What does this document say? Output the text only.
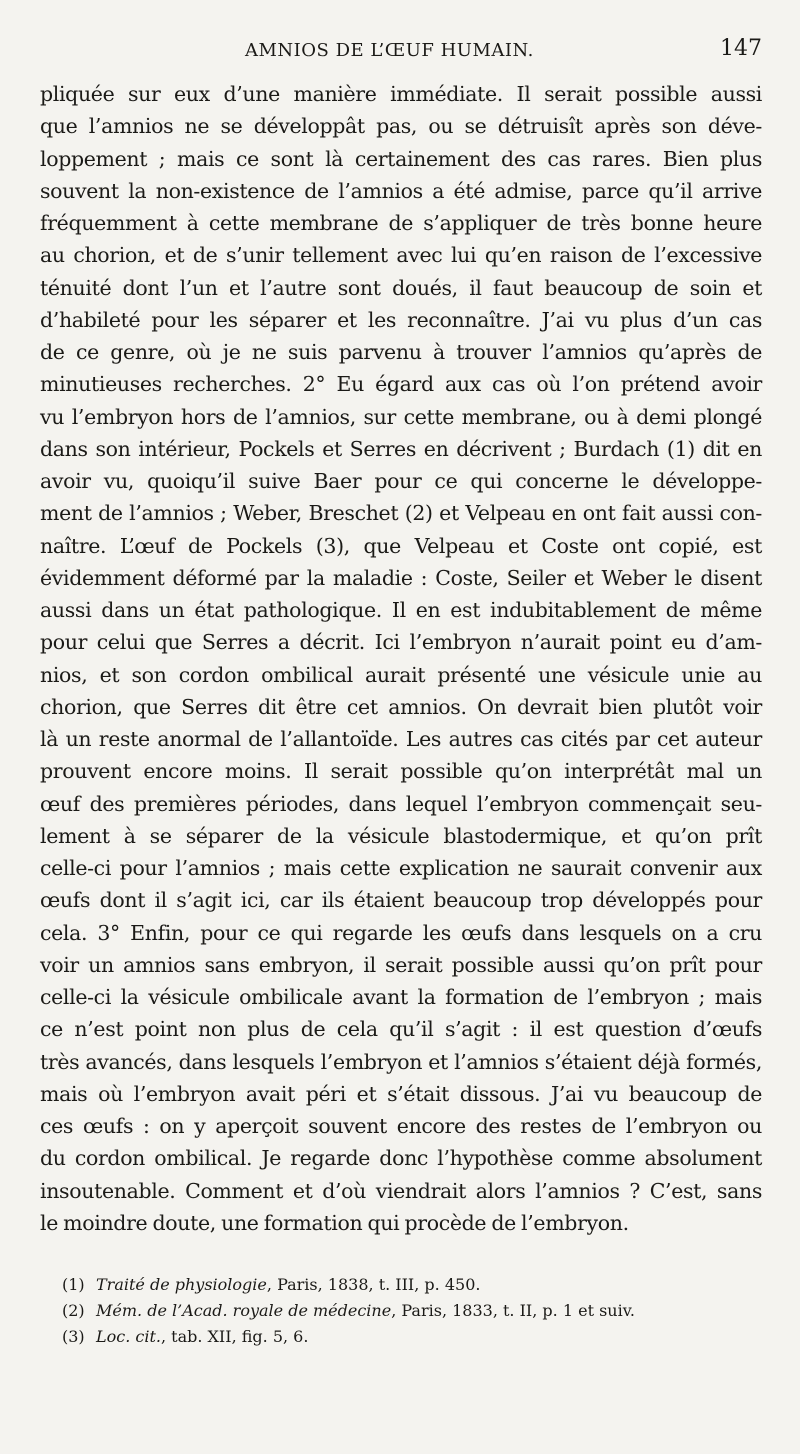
AMNIOS DE L’ŒUF HUMAIN.	147
pliquée sur eux d’une manière immédiate. Il serait possible aussi
que l’amnios ne se développât pas, ou se détruisît après son déve-
loppement ; mais ce sont là certainement des cas rares. Bien plus
souvent la non-existence de l’amnios a été admise, parce qu’il arrive
fréquemment à cette membrane de s’appliquer de très bonne heure
au chorion, et de s’unir tellement avec lui qu’en raison de l’excessive
ténuité dont l’un et l’autre sont doués, il faut beaucoup de soin et
d’habileté pour les séparer et les reconnaître. J’ai vu plus d’un cas
de ce genre, où je ne suis parvenu à trouver l’amnios qu’après de
minutieuses recherches. 2° Eu égard aux cas où l’on prétend avoir
vu l’embryon hors de l’amnios, sur cette membrane, ou à demi plongé
dans son intérieur, Pockels et Serres en décrivent ; Burdach (1) dit en
avoir vu, quoiqu’il suive Baer pour ce qui concerne le développe-
ment de l’amnios ; Weber, Breschet (2) et Velpeau en ont fait aussi con-
naître. L’œuf de Pockels (3), que Velpeau et Coste ont copié, est
évidemment déformé par la maladie : Coste, Seiler et Weber le disent
aussi dans un état pathologique. Il en est indubitablement de même
pour celui que Serres a décrit. Ici l’embryon n’aurait point eu d’am-
nios, et son cordon ombilical aurait présenté une vésicule unie au
chorion, que Serres dit être cet amnios. On devrait bien plutôt voir
là un reste anormal de l’allantoïde. Les autres cas cités par cet auteur
prouvent encore moins. Il serait possible qu’on interprétât mal un
œuf des premières périodes, dans lequel l’embryon commençait seu-
lement à se séparer de la vésicule blastodermique, et qu’on prît
celle-ci pour l’amnios ; mais cette explication ne saurait convenir aux
œufs dont il s’agit ici, car ils étaient beaucoup trop développés pour
cela. 3° Enfin, pour ce qui regarde les œufs dans lesquels on a cru
voir un amnios sans embryon, il serait possible aussi qu’on prît pour
celle-ci la vésicule ombilicale avant la formation de l’embryon ; mais
ce n’est point non plus de cela qu’il s’agit : il est question d’œufs
très avancés, dans lesquels l’embryon et l’amnios s’étaient déjà formés,
mais où l’embryon avait péri et s’était dissous. J’ai vu beaucoup de
ces œufs : on y aperçoit souvent encore des restes de l’embryon ou
du cordon ombilical. Je regarde donc l’hypothèse comme absolument
insoutenable. Comment et d’où viendrait alors l’amnios ? C’est, sans
le moindre doute, une formation qui procède de l’embryon.
(1) Traité de physiologie, Paris, 1838, t. III, p. 450.
(2) Mém. de l’Acad. royale de médecine, Paris, 1833, t. II, p. 1 et suiv.
(3) Loc. cit., tab. XII, fig. 5, 6.
